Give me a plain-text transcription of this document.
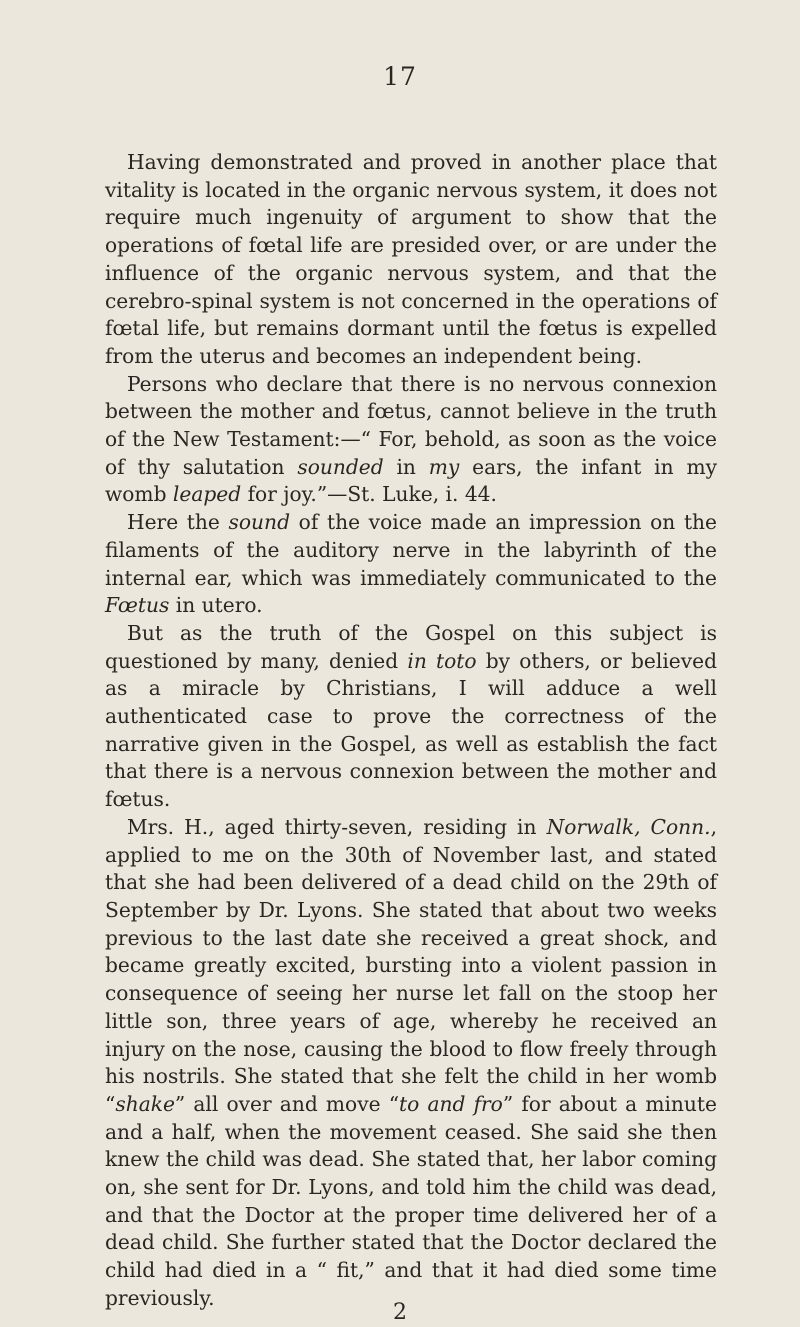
17

Having demonstrated and proved in another place that vitality is located in the organic nervous system, it does not require much ingenuity of argument to show that the operations of fœtal life are presided over, or are under the influence of the organic nervous system, and that the cerebro-spinal system is not concerned in the operations of fœtal life, but remains dormant until the fœtus is expelled from the uterus and becomes an independent being.

Persons who declare that there is no nervous connexion between the mother and fœtus, cannot believe in the truth of the New Testament:—“ For, behold, as soon as the voice of thy salutation sounded in my ears, the infant in my womb leaped for joy.”—St. Luke, i. 44.

Here the sound of the voice made an impression on the filaments of the auditory nerve in the labyrinth of the internal ear, which was immediately communicated to the Fœtus in utero.

But as the truth of the Gospel on this subject is questioned by many, denied in toto by others, or believed as a miracle by Christians, I will adduce a well authenticated case to prove the correctness of the narrative given in the Gospel, as well as establish the fact that there is a nervous connexion between the mother and fœtus.

Mrs. H., aged thirty-seven, residing in Norwalk, Conn., applied to me on the 30th of November last, and stated that she had been delivered of a dead child on the 29th of September by Dr. Lyons. She stated that about two weeks previous to the last date she received a great shock, and became greatly excited, bursting into a violent passion in consequence of seeing her nurse let fall on the stoop her little son, three years of age, whereby he received an injury on the nose, causing the blood to flow freely through his nostrils. She stated that she felt the child in her womb “shake” all over and move “to and fro” for about a minute and a half, when the movement ceased. She said she then knew the child was dead. She stated that, her labor coming on, she sent for Dr. Lyons, and told him the child was dead, and that the Doctor at the proper time delivered her of a dead child. She further stated that the Doctor declared the child had died in a “ fit,” and that it had died some time previously.

2
